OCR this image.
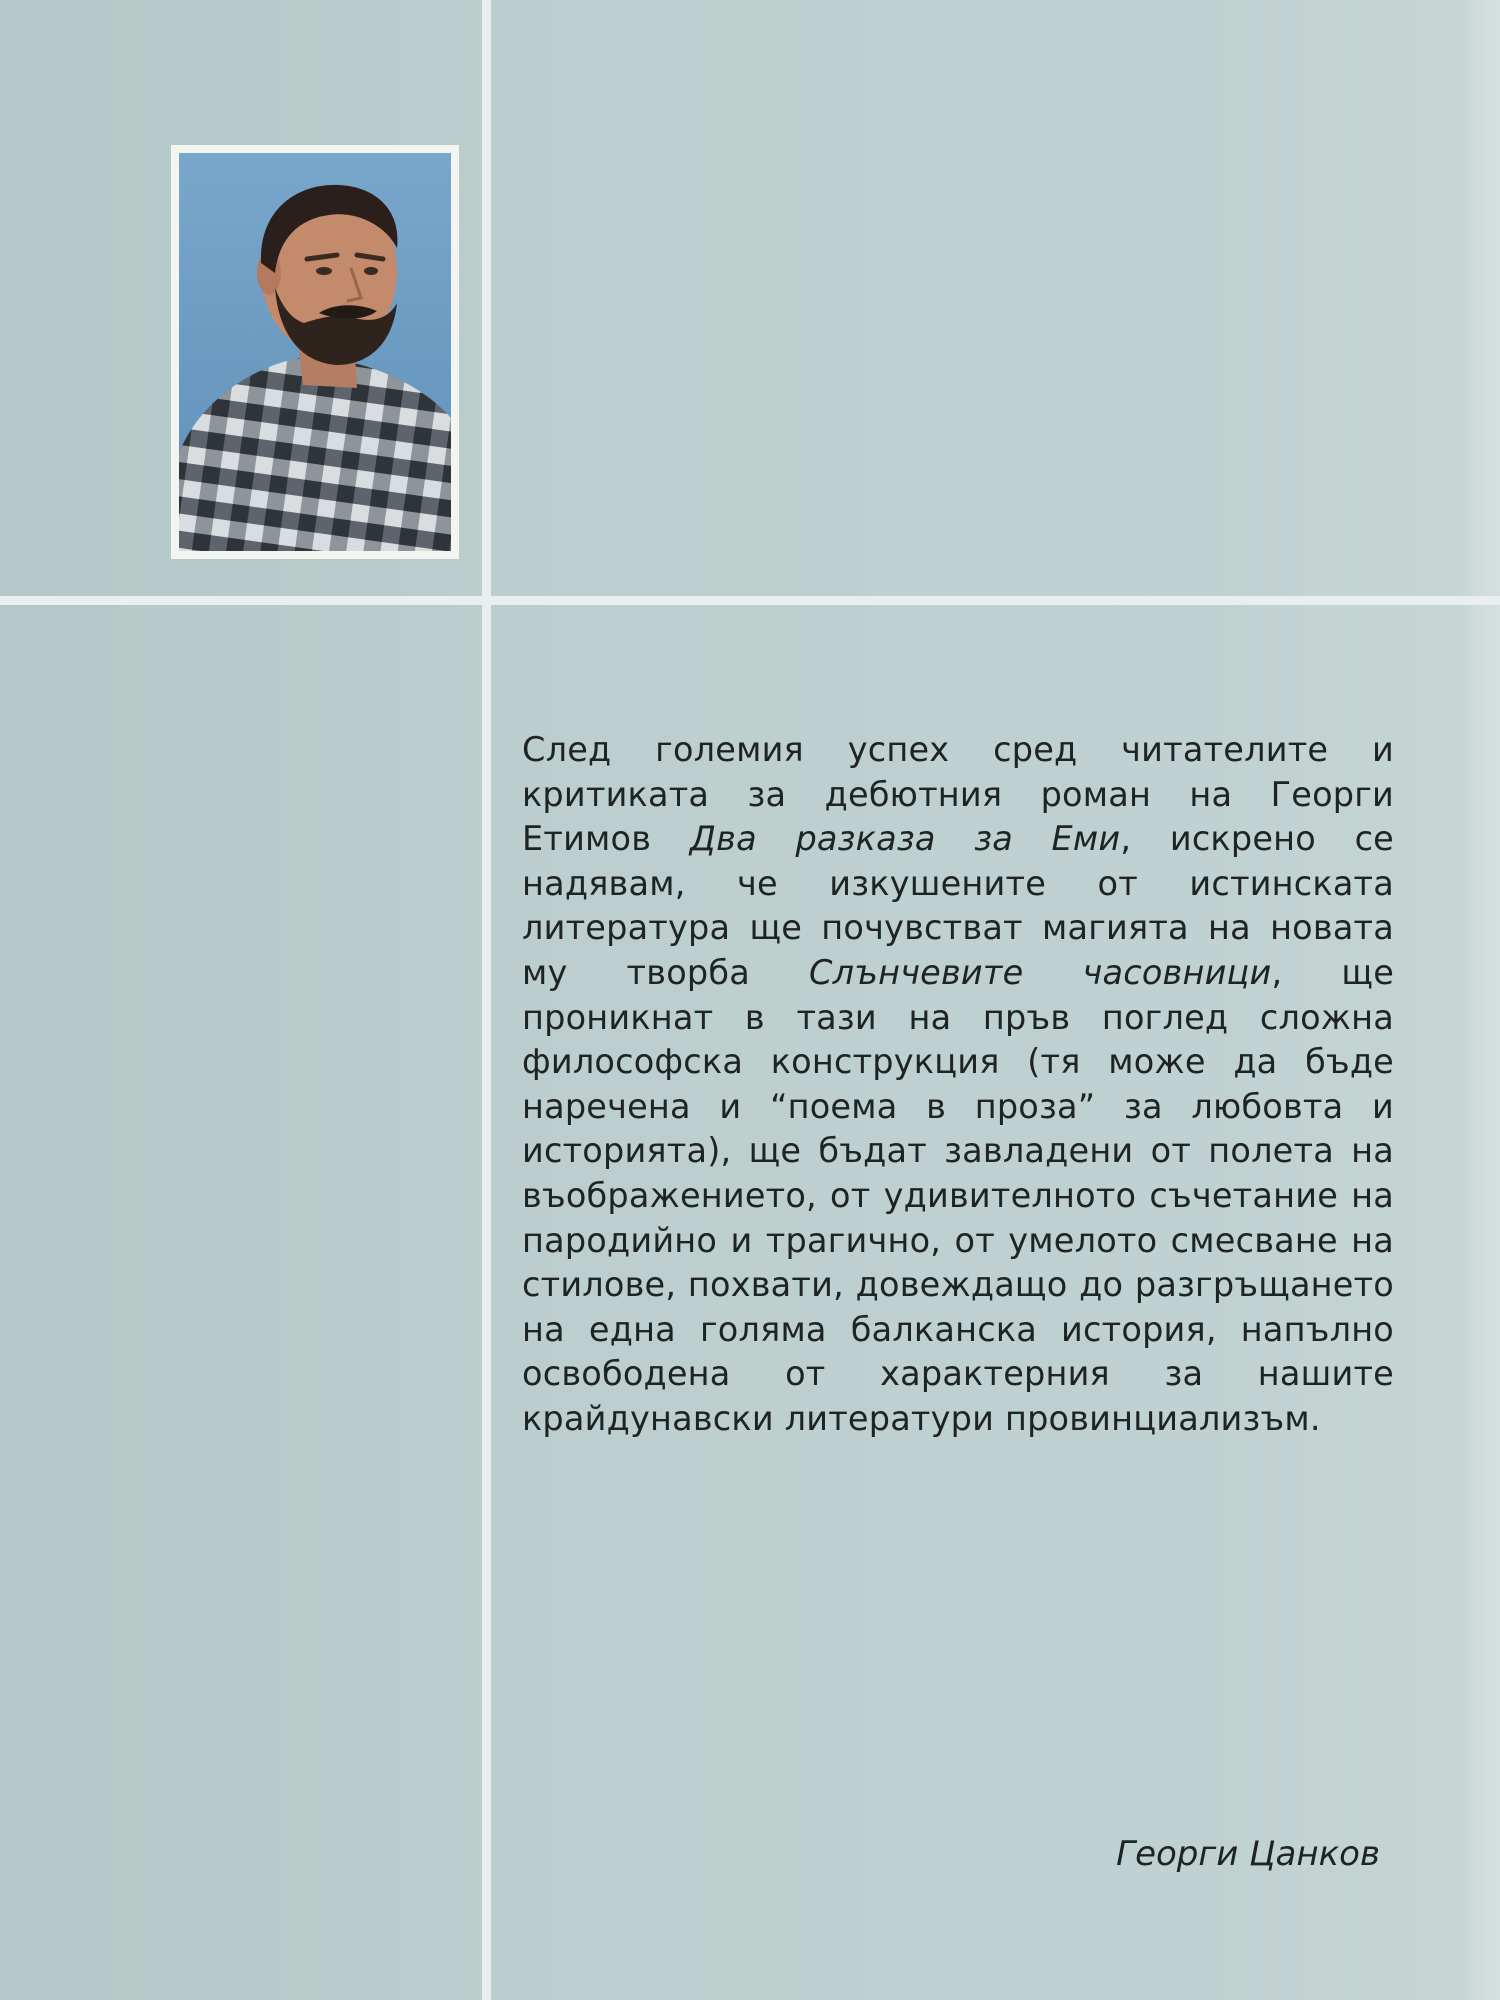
След големия успех сред читателите и критиката за дебютния роман на Георги Етимов Два разказа за Еми, искрено се надявам, че изкушените от истинската литература ще почувстват магията на новата му творба Слънчевите часовници, ще проникнат в тази на пръв поглед сложна философска конструкция (тя може да бъде наречена и “поема в проза” за любовта и историята), ще бъдат завладени от полета на въображението, от удивителното съчетание на пародийно и трагично, от умелото смесване на стилове, похвати, довеждащо до разгръщането на една голяма балканска история, напълно освободена от характерния за нашите крайдунавски литератури провинциализъм.

Георги Цанков
